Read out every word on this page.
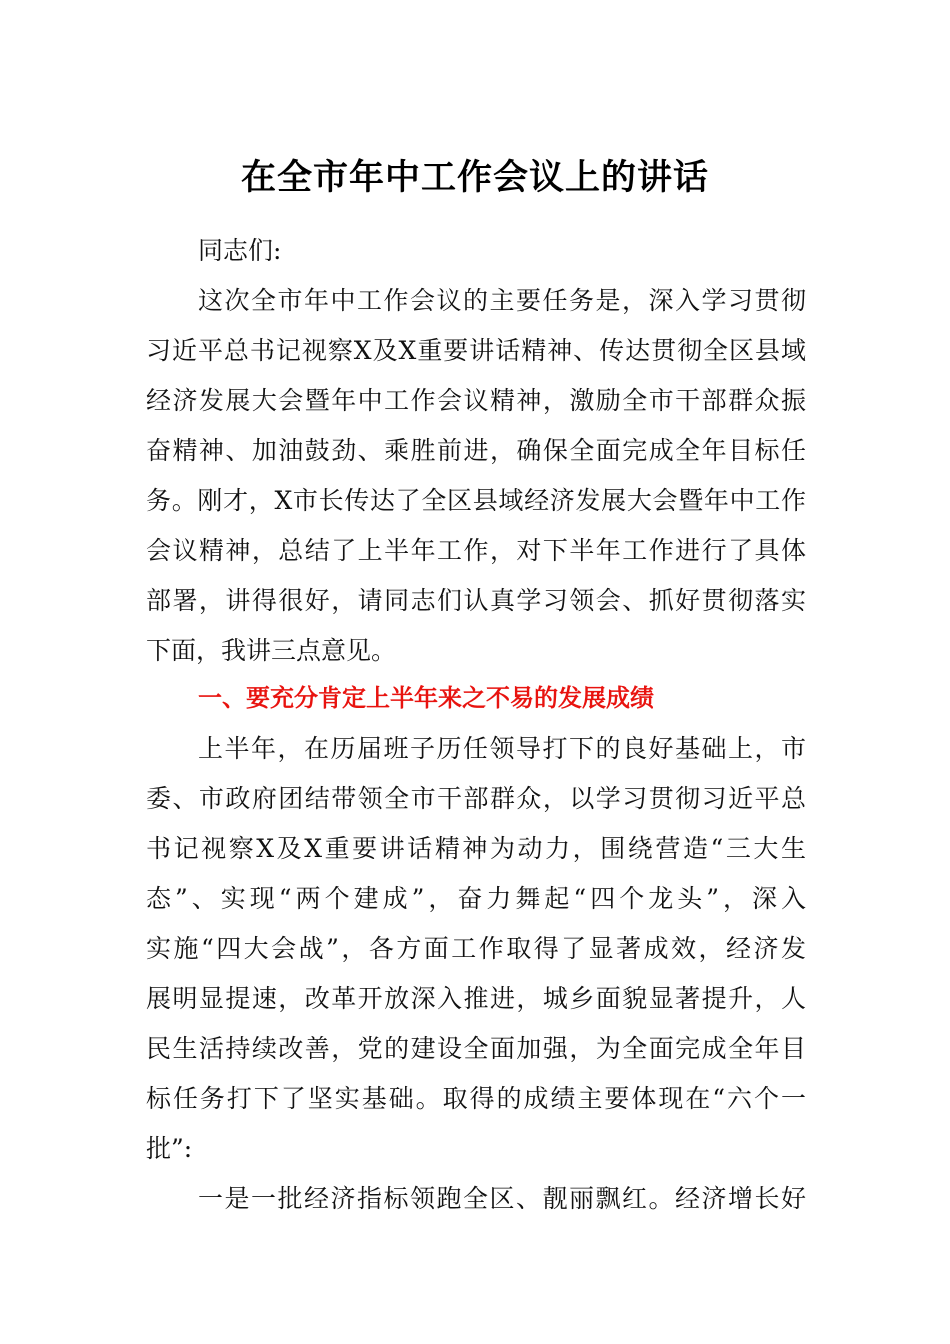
在全市年中工作会议上的讲话
同志们:
这次全市年中工作会议的主要任务是，深入学习贯彻
习近平总书记视察X及X重要讲话精神、传达贯彻全区县域
经济发展大会暨年中工作会议精神，激励全市干部群众振
奋精神、加油鼓劲、乘胜前进，确保全面完成全年目标任
务。刚才，X市长传达了全区县域经济发展大会暨年中工作
会议精神，总结了上半年工作，对下半年工作进行了具体
部署，讲得很好，请同志们认真学习领会、抓好贯彻落实
下面，我讲三点意见。
一、要充分肯定上半年来之不易的发展成绩
上半年，在历届班子历任领导打下的良好基础上，市
委、市政府团结带领全市干部群众，以学习贯彻习近平总
书记视察X及X重要讲话精神为动力，围绕营造“三大生
态”、实现“两个建成”，奋力舞起“四个龙头”，深入
实施“四大会战”，各方面工作取得了显著成效，经济发
展明显提速，改革开放深入推进，城乡面貌显著提升，人
民生活持续改善，党的建设全面加强，为全面完成全年目
标任务打下了坚实基础。取得的成绩主要体现在“六个一
批”:
一是一批经济指标领跑全区、靓丽飘红。经济增长好
